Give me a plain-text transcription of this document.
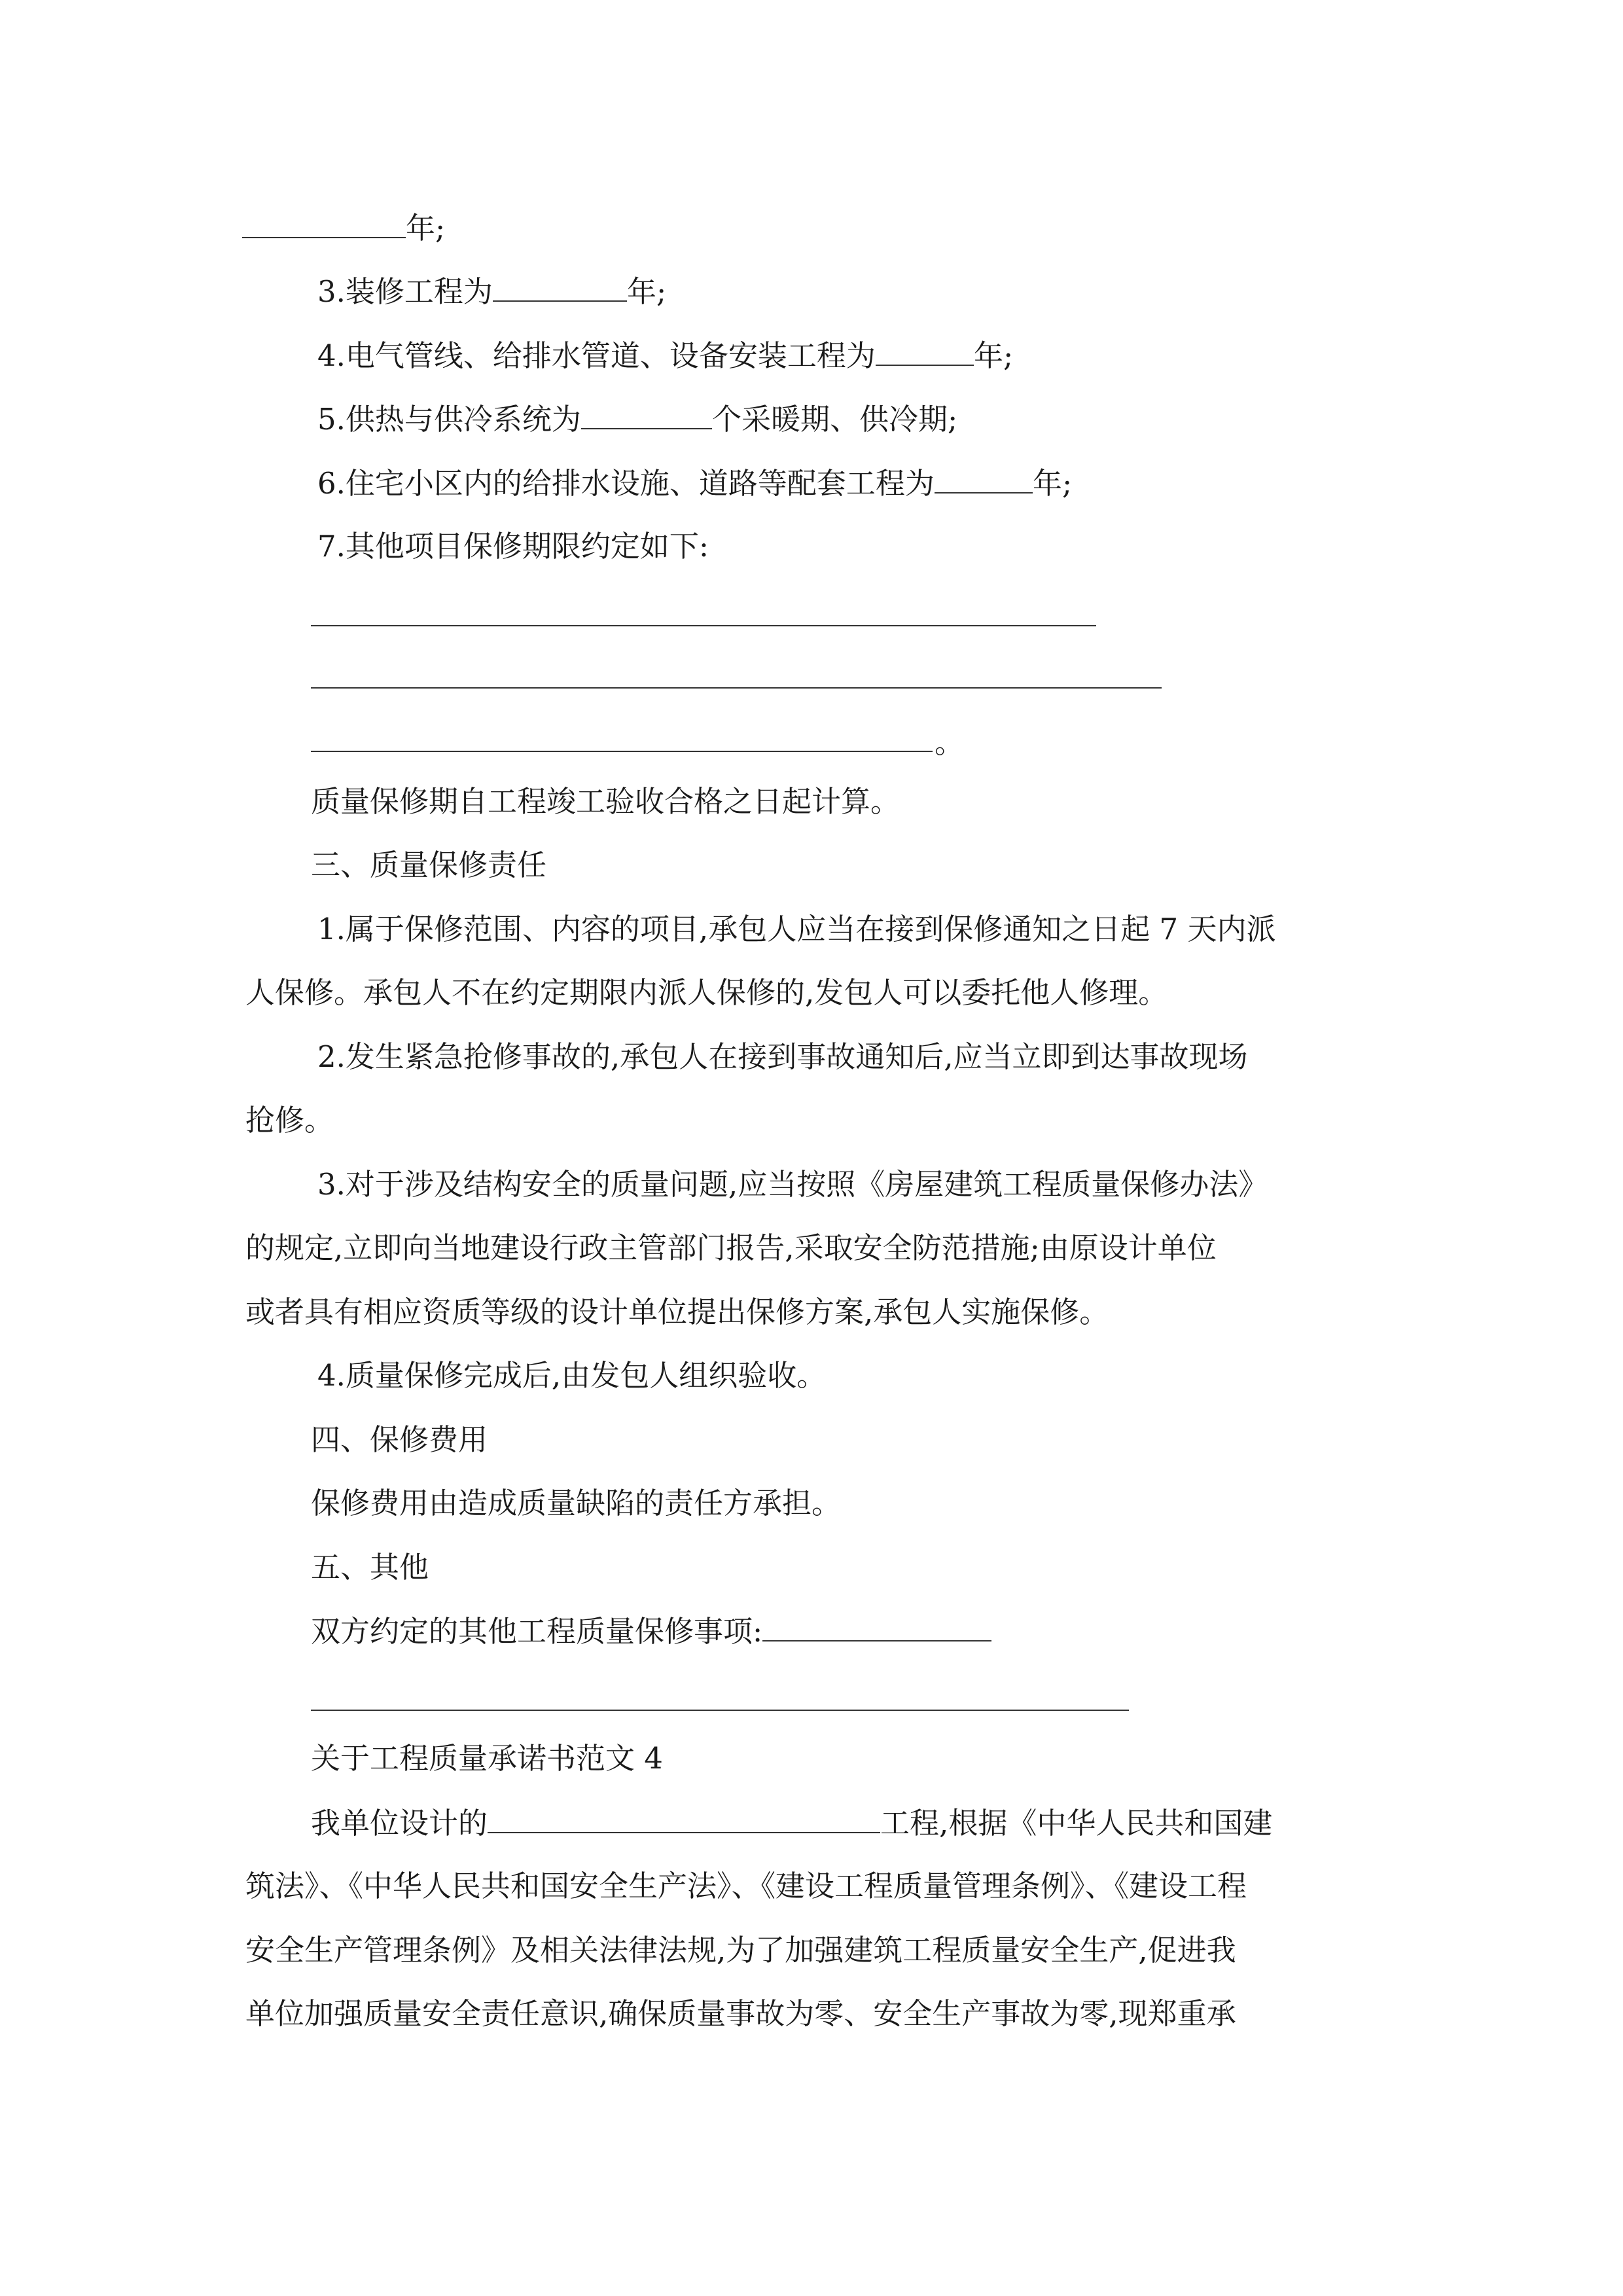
年;
3.装修工程为	年;
4.电气管线、给排水管道、设备安装工程为	年;
5.供热与供冷系统为	个采暖期、供冷期;
6.住宅小区内的给排水设施、道路等配套工程为	年;
7.其他项目保修期限约定如下:
。
质量保修期自工程竣工验收合格之日起计算。
三、质量保修责任
1.属于保修范围、内容的项目,承包人应当在接到保修通知之日起 7 天内派
人保修。承包人不在约定期限内派人保修的,发包人可以委托他人修理。
2.发生紧急抢修事故的,承包人在接到事故通知后,应当立即到达事故现场
抢修。
3.对于涉及结构安全的质量问题,应当按照《房屋建筑工程质量保修办法》
的规定,立即向当地建设行政主管部门报告,采取安全防范措施;由原设计单位
或者具有相应资质等级的设计单位提出保修方案,承包人实施保修。
4.质量保修完成后,由发包人组织验收。
四、保修费用
保修费用由造成质量缺陷的责任方承担。
五、其他
双方约定的其他工程质量保修事项:
关于工程质量承诺书范文 4
我单位设计的	工程,根据《中华人民共和国建
筑法》、《中华人民共和国安全生产法》、《建设工程质量管理条例》、《建设工程
安全生产管理条例》及相关法律法规,为了加强建筑工程质量安全生产,促进我
单位加强质量安全责任意识,确保质量事故为零、安全生产事故为零,现郑重承
